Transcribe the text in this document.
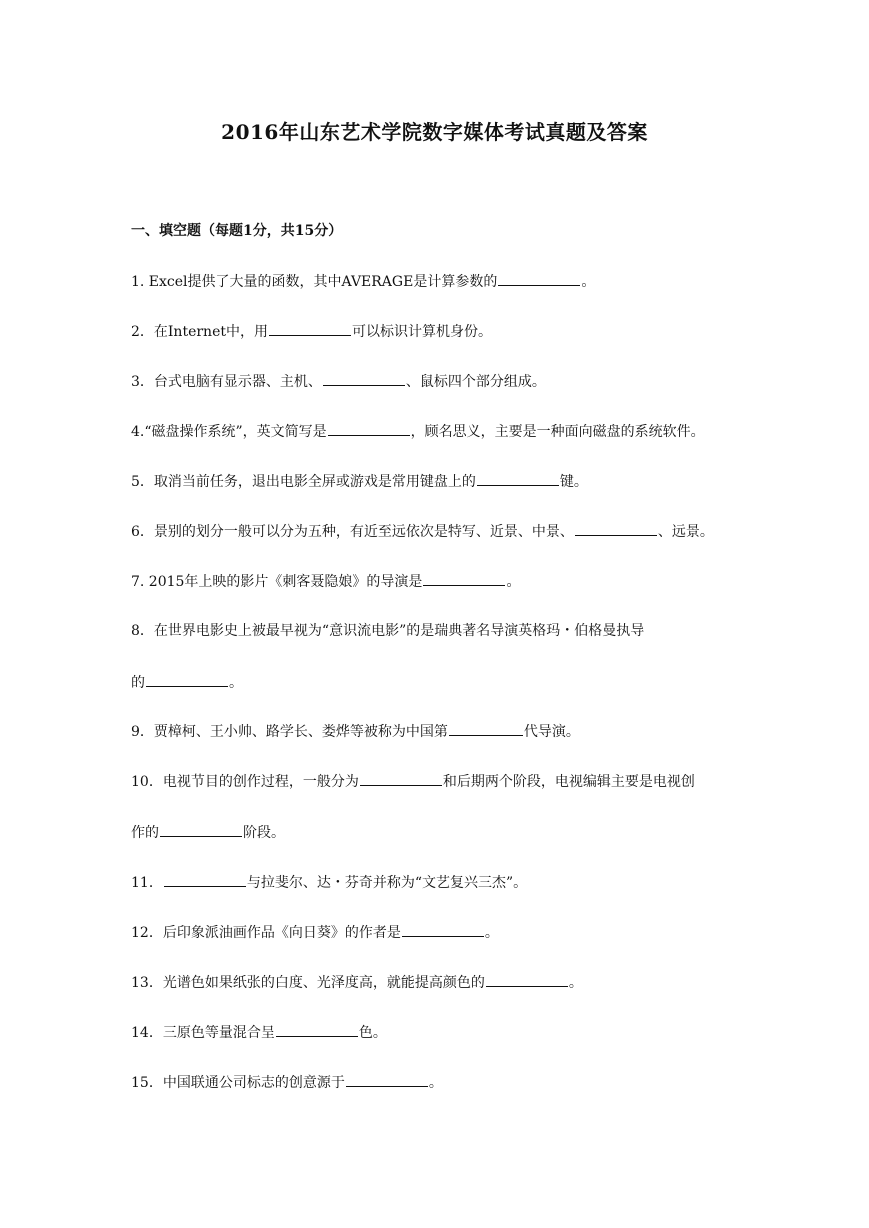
2016年山东艺术学院数字媒体考试真题及答案
一、填空题（每题1分，共15分）
1. Excel提供了大量的函数，其中AVERAGE是计算参数的	。
2．在Internet中，用	可以标识计算机身份。
3．台式电脑有显示器、主机、	、鼠标四个部分组成。
4.“磁盘操作系统”，英文简写是	，顾名思义，主要是一种面向磁盘的系统软件。
5．取消当前任务，退出电影全屏或游戏是常用键盘上的	键。
6．景别的划分一般可以分为五种，有近至远依次是特写、近景、中景、	、远景。
7. 2015年上映的影片《刺客聂隐娘》的导演是	。
8．在世界电影史上被最早视为“意识流电影”的是瑞典著名导演英格玛・伯格曼执导
的	。
9．贾樟柯、王小帅、路学长、娄烨等被称为中国第	代导演。
10．电视节目的创作过程，一般分为	和后期两个阶段，电视编辑主要是电视创
作的	阶段。
11．	与拉斐尔、达・芬奇并称为“文艺复兴三杰”。
12．后印象派油画作品《向日葵》的作者是	。
13．光谱色如果纸张的白度、光泽度高，就能提高颜色的	。
14．三原色等量混合呈	色。
15．中国联通公司标志的创意源于	。
